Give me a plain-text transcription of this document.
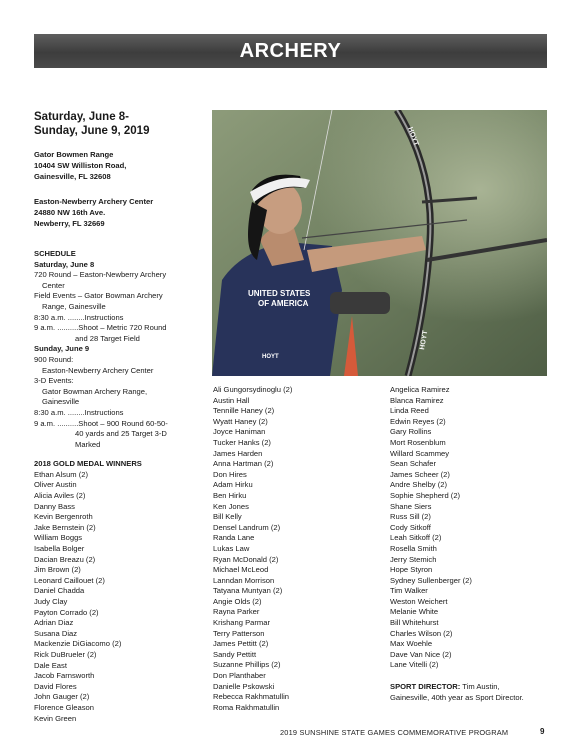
ARCHERY
Saturday, June 8-
Sunday, June 9, 2019
Gator Bowmen Range
10404 SW Williston Road,
Gainesville, FL 32608
Easton-Newberry Archery Center
24880 NW 16th Ave.
Newberry, FL 32669
SCHEDULE
Saturday, June 8
720 Round – Easton-Newberry Archery
Center
Field Events – Gator Bowman Archery
Range, Gainesville
8:30 a.m. ........Instructions
9 a.m. ..........Shoot – Metric 720 Round
and 28 Target Field
Sunday, June 9
900 Round:
Easton-Newberry Archery Center
3-D Events:
Gator Bowman Archery Range,
Gainesville
8:30 a.m. ........Instructions
9 a.m. ..........Shoot – 900 Round 60-50-
40 yards and 25 Target 3-D
Marked
2018 GOLD MEDAL WINNERS
Ethan Alsum (2)
Oliver Austin
Alicia Aviles (2)
Danny Bass
Kevin Bergenroth
Jake Bernstein (2)
William Boggs
Isabella Bolger
Dacian Breazu (2)
Jim Brown (2)
Leonard Caillouet (2)
Daniel Chadda
Judy Clay
Payton Corrado (2)
Adrian Diaz
Susana Diaz
Mackenzie DiGiacomo (2)
Rick DuBrueler (2)
Dale East
Jacob Farnsworth
David Flores
John Gauger (2)
Florence Gleason
Kevin Green
UNITED STATES
OF AMERICA
HOYT
HOYT
HOYT
Ali Gungorsydinoglu (2)
Austin Hall
Tennille Haney (2)
Wyatt Haney (2)
Joyce Haniman
Tucker Hanks (2)
James Harden
Anna Hartman (2)
Don Hires
Adam Hirku
Ben Hirku
Ken Jones
Bill Kelly
Densel Landrum (2)
Randa Lane
Lukas Law
Ryan McDonald (2)
Michael McLeod
Lanndan Morrison
Tatyana Muntyan (2)
Angie Olds (2)
Rayna Parker
Krishang Parmar
Terry Patterson
James Pettitt (2)
Sandy Pettitt
Suzanne Phillips (2)
Don Planthaber
Danielle Pskowski
Rebecca Rakhmatullin
Roma Rakhmatullin
Angelica Ramirez
Blanca Ramirez
Linda Reed
Edwin Reyes (2)
Gary Rollins
Mort Rosenblum
Willard Scammey
Sean Schafer
James Scheer (2)
Andre Shelby (2)
Sophie Shepherd (2)
Shane Siers
Russ Sill (2)
Cody Sitkoff
Leah Sitkoff (2)
Rosella Smith
Jerry Stemich
Hope Styron
Sydney Sullenberger (2)
Tim Walker
Weston Weichert
Melanie White
Bill Whitehurst
Charles Wilson (2)
Max Woehle
Dave Van Nice (2)
Lane Vitelli (2)
SPORT DIRECTOR: Tim Austin,
Gainesville, 40th year as Sport Director.
2019 SUNSHINE STATE GAMES COMMEMORATIVE PROGRAM	9
